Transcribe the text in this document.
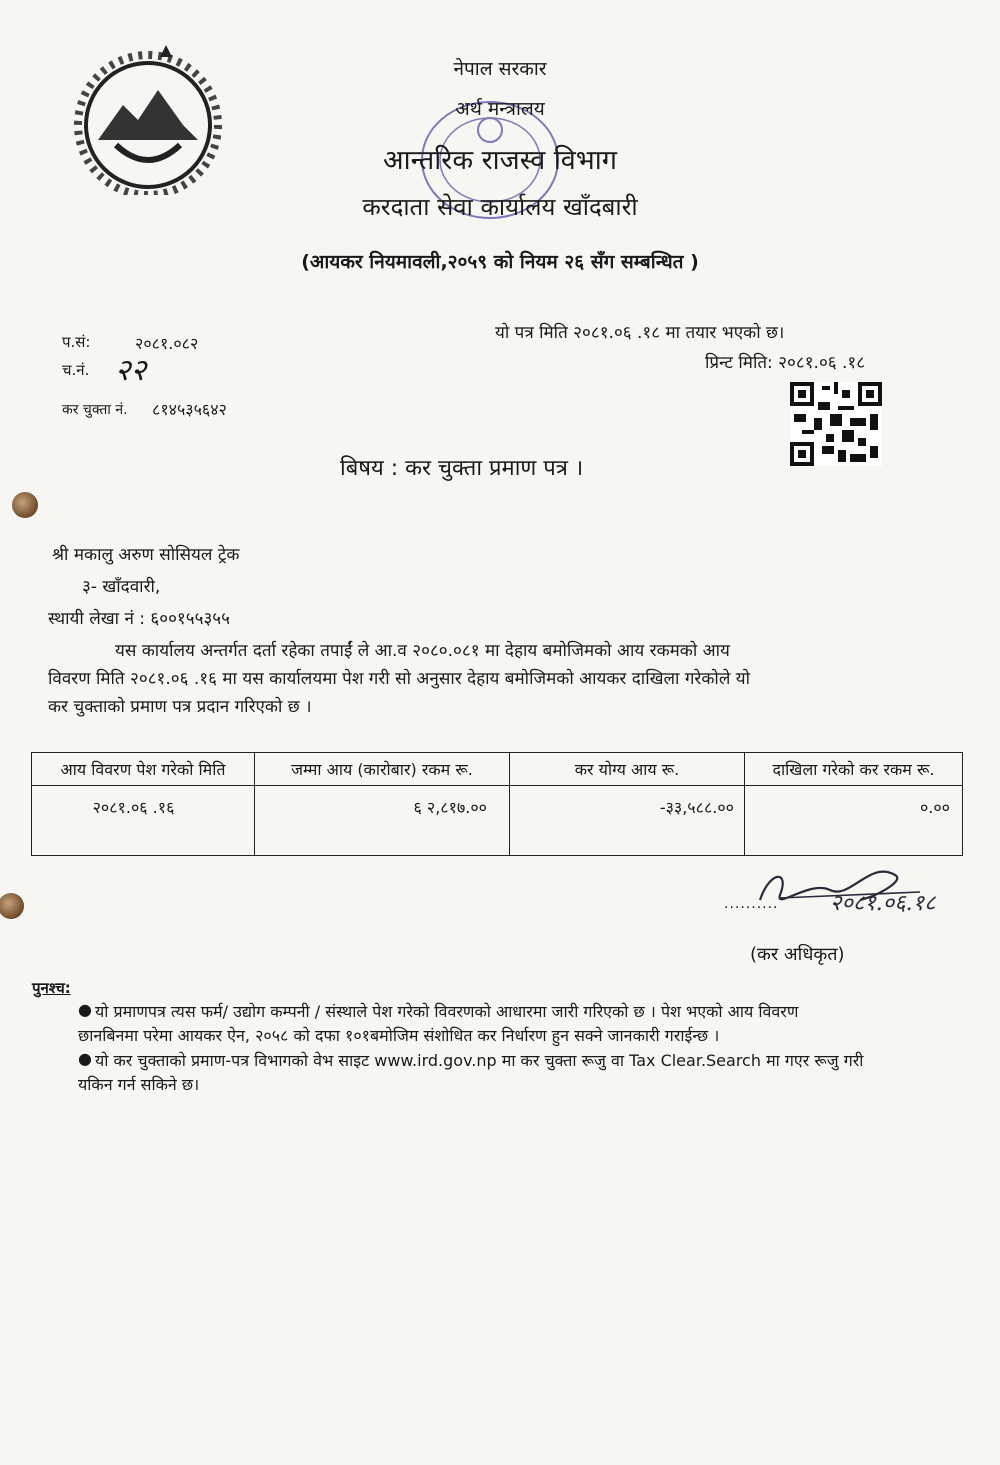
नेपाल सरकार
अर्थ मन्त्रालय
आन्तरिक राजस्व विभाग
करदाता सेवा कार्यालय खाँदबारी
(आयकर नियमावली,२०५९ को नियम २६ सँग सम्बन्धित )
प.सं:	२०८१.०८२
च.नं. २२
कर चुक्ता नं. ८१४५३५६४२
यो पत्र मिति २०८१.०६ .१८ मा तयार भएको छ।
प्रिन्ट मिति: २०८१.०६ .१८
बिषय : कर चुक्ता प्रमाण पत्र ।
श्री मकालु अरुण सोसियल ट्रेक
३- खाँदवारी,
स्थायी लेखा नं : ६००१५५३५५
यस कार्यालय अन्तर्गत दर्ता रहेका तपाईं ले आ.व २०८०.०८१ मा देहाय बमोजिमको आय रकमको आय
विवरण मिति २०८१.०६ .१६ मा यस कार्यालयमा पेश गरी सो अनुसार देहाय बमोजिमको आयकर दाखिला गरेकोले यो
कर चुक्ताको प्रमाण पत्र प्रदान गरिएको छ ।
आय विवरण पेश गरेको मिति	जम्मा आय (कारोबार) रकम रू.	कर योग्य आय रू.	दाखिला गरेको कर रकम रू.
२०८१.०६ .१६	६ २,८१७.००	-३३,५८८.००	०.००
.......... २०८१.०६.१८
(कर अधिकृत)
पुनश्च:
● यो प्रमाणपत्र त्यस फर्म/ उद्योग कम्पनी / संस्थाले पेश गरेको विवरणको आधारमा जारी गरिएको छ । पेश भएको आय विवरण
छानबिनमा परेमा आयकर ऐन, २०५८ को दफा १०१बमोजिम संशोधित कर निर्धारण हुन सक्ने जानकारी गराईन्छ ।
● यो कर चुक्ताको प्रमाण-पत्र विभागको वेभ साइट www.ird.gov.np मा कर चुक्ता रूजु वा Tax Clear.Search मा गएर रूजु गरी
यकिन गर्न सकिने छ।
